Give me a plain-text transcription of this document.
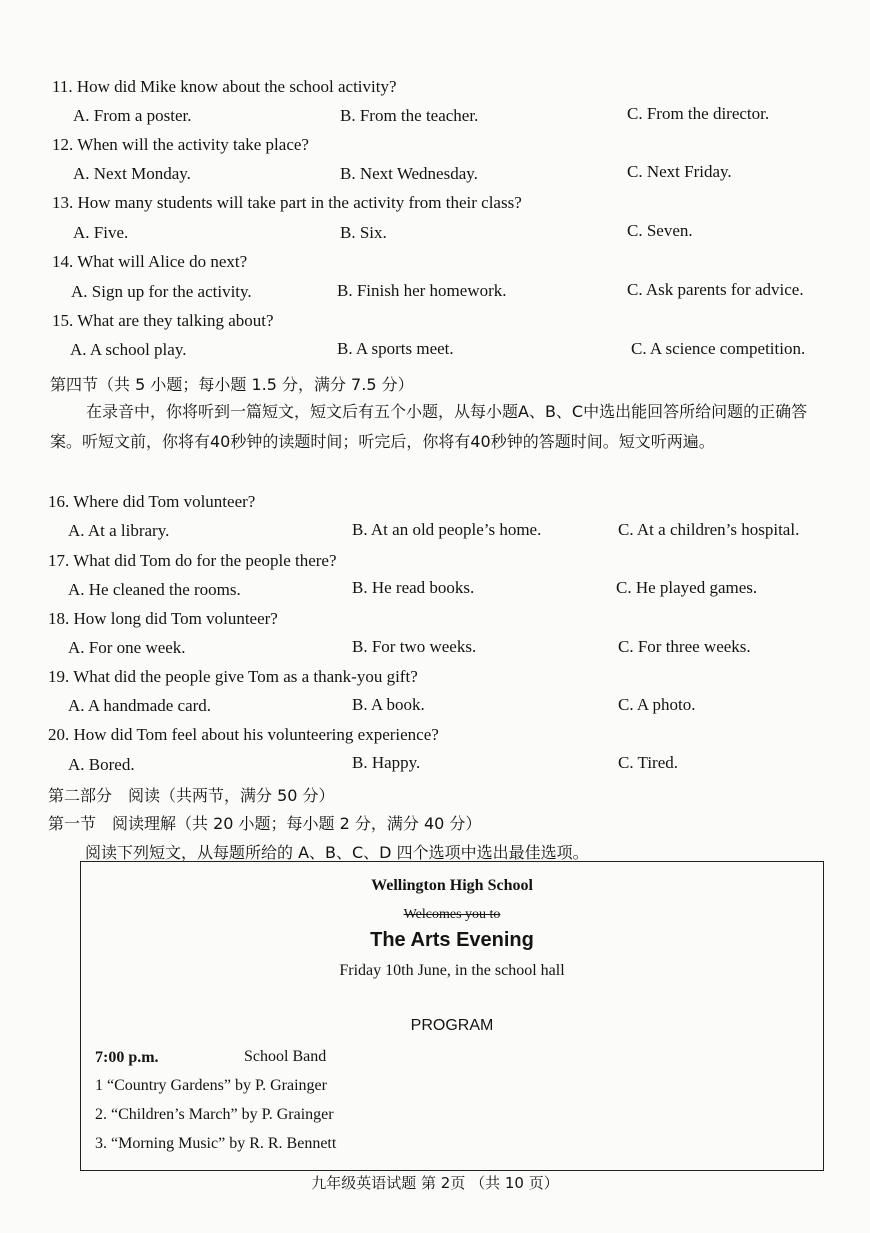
11. How did Mike know about the school activity?
A. From a poster.	B. From the teacher.	C. From the director.
12. When will the activity take place?
A. Next Monday.	B. Next Wednesday.	C. Next Friday.
13. How many students will take part in the activity from their class?
A. Five.	B. Six.	C. Seven.
14. What will Alice do next?
A. Sign up for the activity.	B. Finish her homework.	C. Ask parents for advice.
15. What are they talking about?
A. A school play.	B. A sports meet.	C. A science competition.
第四节（共 5 小题；每小题 1.5 分，满分 7.5 分）
在录音中，你将听到一篇短文，短文后有五个小题，从每小题A、B、C中选出能回答所给问题的正确答案。听短文前，你将有40秒钟的读题时间；听完后，你将有40秒钟的答题时间。短文听两遍。
16. Where did Tom volunteer?
A. At a library.	B. At an old people’s home.	C. At a children’s hospital.
17. What did Tom do for the people there?
A. He cleaned the rooms.	B. He read books.	C. He played games.
18. How long did Tom volunteer?
A. For one week.	B. For two weeks.	C. For three weeks.
19. What did the people give Tom as a thank-you gift?
A. A handmade card.	B. A book.	C. A photo.
20. How did Tom feel about his volunteering experience?
A. Bored.	B. Happy.	C. Tired.
第二部分　阅读（共两节，满分 50 分）
第一节　阅读理解（共 20 小题；每小题 2 分，满分 40 分）
阅读下列短文，从每题所给的 A、B、C、D 四个选项中选出最佳选项。
Wellington High School
Welcomes you to
The Arts Evening
Friday 10th June, in the school hall
PROGRAM
7:00 p.m.	School Band
1 “Country Gardens” by P. Grainger
2. “Children’s March” by P. Grainger
3. “Morning Music” by R. R. Bennett
九年级英语试题 第 2页 （共 10 页）
